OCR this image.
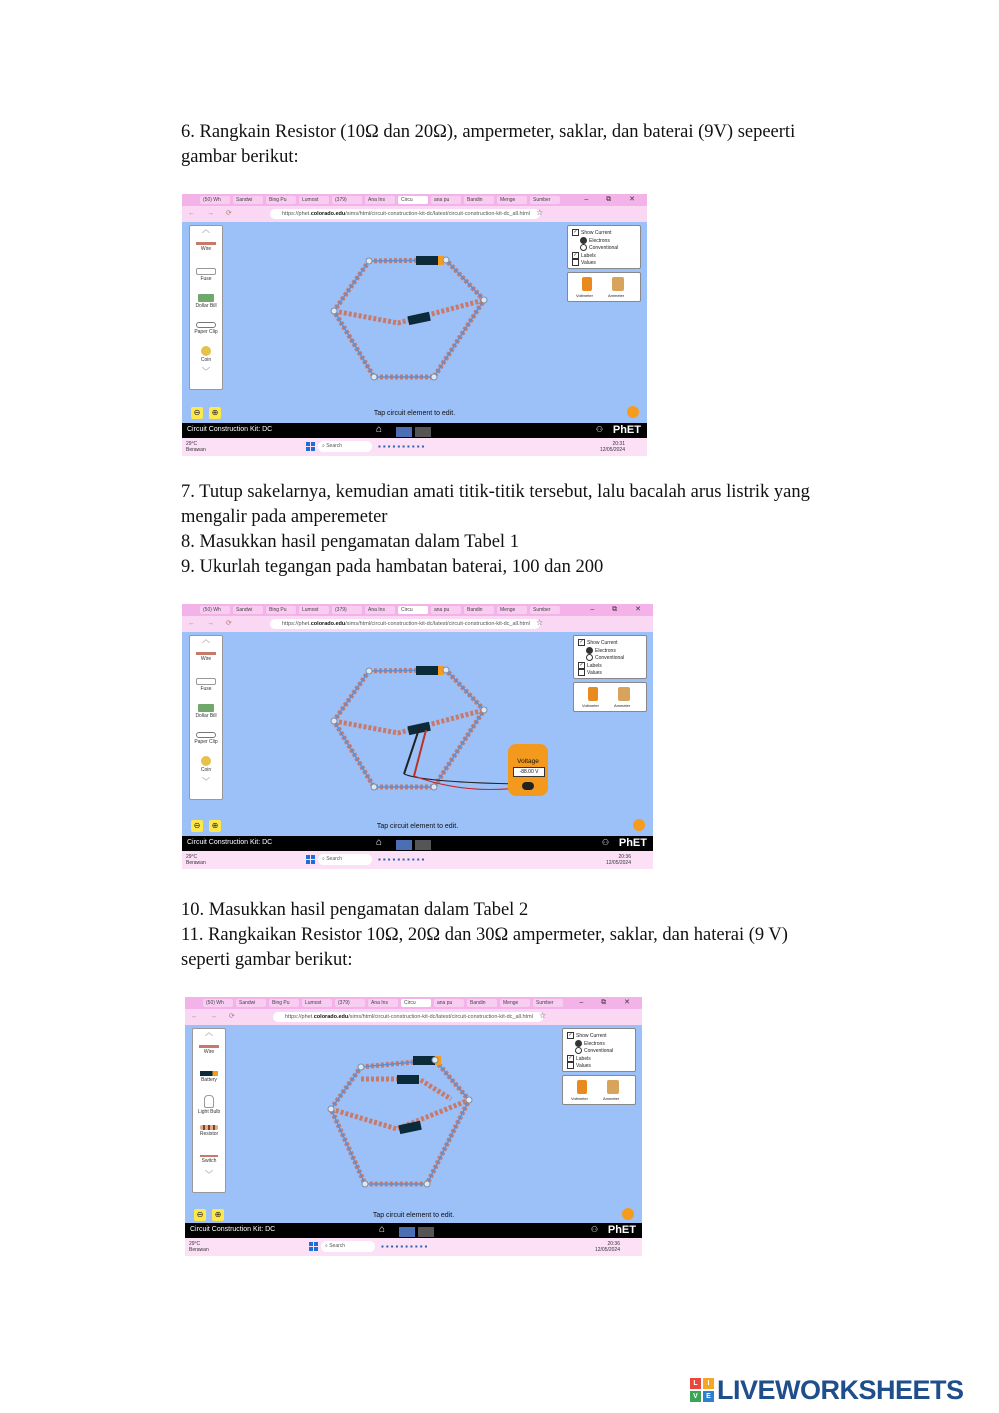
6. Rangkain Resistor (10Ω dan 20Ω), ampermeter, saklar, dan baterai (9V) sepeerti

gambar berikut:

(50) Wh	Sandwi	Bing Pu	Lumost	(379)	Ana Ins	Circu	ana pu	Bandin	Menge	Sumber	– ⧉ ✕
← → ⟳	https://phet.colorado.edu/sims/html/circuit-construction-kit-dc/latest/circuit-construction-kit-dc_all.html ☆
︿
Wire
Fuse
Dollar Bill
Paper Clip
Coin
﹀
✓ Show Current
Electrons
Conventional
✓ Labels
Values
Voltmeter	Ammeter
⊖	⊕	Tap circuit element to edit.
Circuit Construction Kit: DC	⌂	⚇ PhET
29°C
Berawan
⌕ Search	▪▪▪▪▪▪▪▪▪▪	20:31
12/05/2024

7. Tutup sakelarnya, kemudian amati titik-titik tersebut, lalu bacalah arus listrik yang

mengalir pada amperemeter

8. Masukkan hasil pengamatan dalam Tabel 1

9. Ukurlah tegangan pada hambatan baterai, 100 dan 200

(50) Wh	Sandwi	Bing Pu	Lumost	(379)	Ana Ins	Circu	ana pu	Bandin	Menge	Sumber	– ⧉ ✕
← → ⟳	https://phet.colorado.edu/sims/html/circuit-construction-kit-dc/latest/circuit-construction-kit-dc_all.html ☆
︿
Wire
Fuse
Dollar Bill
Paper Clip
Coin
﹀
✓ Show Current
Electrons
Conventional
✓ Labels
Values
Voltmeter	Ammeter
Voltage
-88.00 V
⊖	⊕	Tap circuit element to edit.
Circuit Construction Kit: DC	⌂	⚇ PhET
29°C
Berawan
⌕ Search	▪▪▪▪▪▪▪▪▪▪	20:36
12/05/2024

10. Masukkan hasil pengamatan dalam Tabel 2

11. Rangkaikan Resistor 10Ω, 20Ω dan 30Ω ampermeter, saklar, dan haterai (9 V)

seperti gambar berikut:

(50) Wh	Sandwi	Bing Pu	Lumost	(379)	Ana Ins	Circu	ana pu	Bandin	Menge	Sumber	– ⧉ ✕
← → ⟳	https://phet.colorado.edu/sims/html/circuit-construction-kit-dc/latest/circuit-construction-kit-dc_all.html ☆
︿
Wire
Battery
Light Bulb
Resistor
Switch
﹀
✓ Show Current
Electrons
Conventional
✓ Labels
Values
Voltmeter	Ammeter
⊖	⊕	Tap circuit element to edit.
Circuit Construction Kit: DC	⌂	⚇ PhET
29°C
Berawan
⌕ Search	▪▪▪▪▪▪▪▪▪▪	20:36
12/05/2024
L	I
V	E LIVEWORKSHEETS
